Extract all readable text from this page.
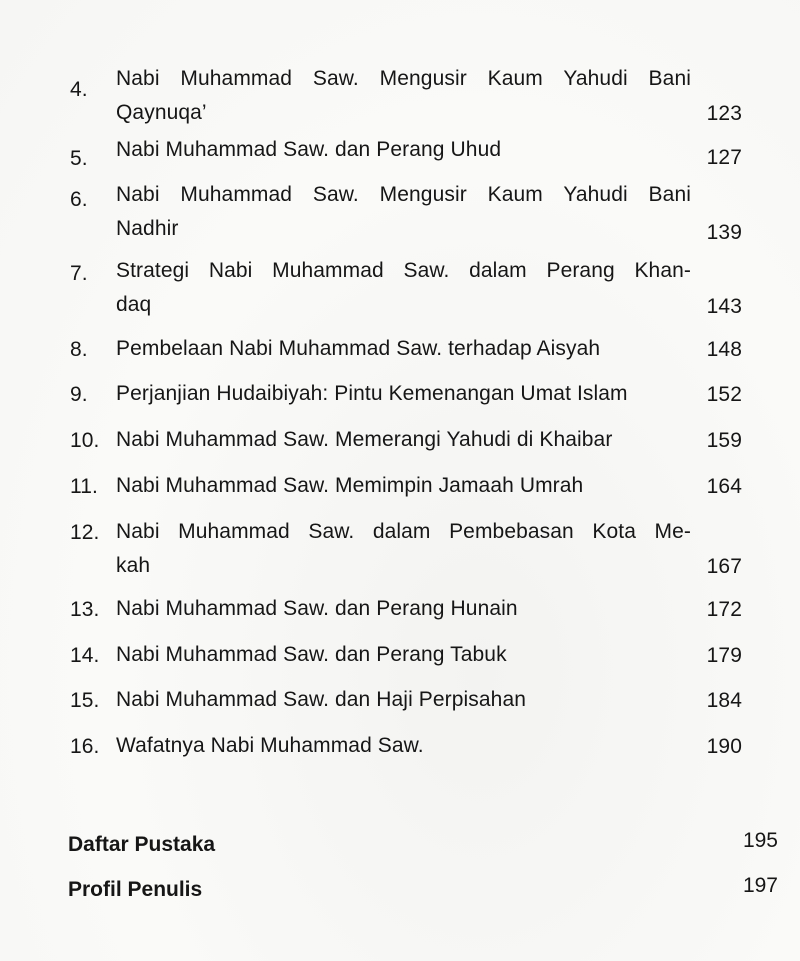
4.	Nabi Muhammad Saw. Mengusir Kaum Yahudi Bani
Qaynuqa’	123
5.	Nabi Muhammad Saw. dan Perang Uhud	127
6.	Nabi Muhammad Saw. Mengusir Kaum Yahudi Bani
Nadhir	139
7.	Strategi Nabi Muhammad Saw. dalam Perang Khan-
daq	143
8.	Pembelaan Nabi Muhammad Saw. terhadap Aisyah	148
9.	Perjanjian Hudaibiyah: Pintu Kemenangan Umat Islam	152
10. Nabi Muhammad Saw. Memerangi Yahudi di Khaibar	159
11. Nabi Muhammad Saw. Memimpin Jamaah Umrah	164
12. Nabi Muhammad Saw. dalam Pembebasan Kota Me-
kah	167
13. Nabi Muhammad Saw. dan Perang Hunain	172
14. Nabi Muhammad Saw. dan Perang Tabuk	179
15. Nabi Muhammad Saw. dan Haji Perpisahan	184
16. Wafatnya Nabi Muhammad Saw.	190
Daftar Pustaka	195
Profil Penulis	197
